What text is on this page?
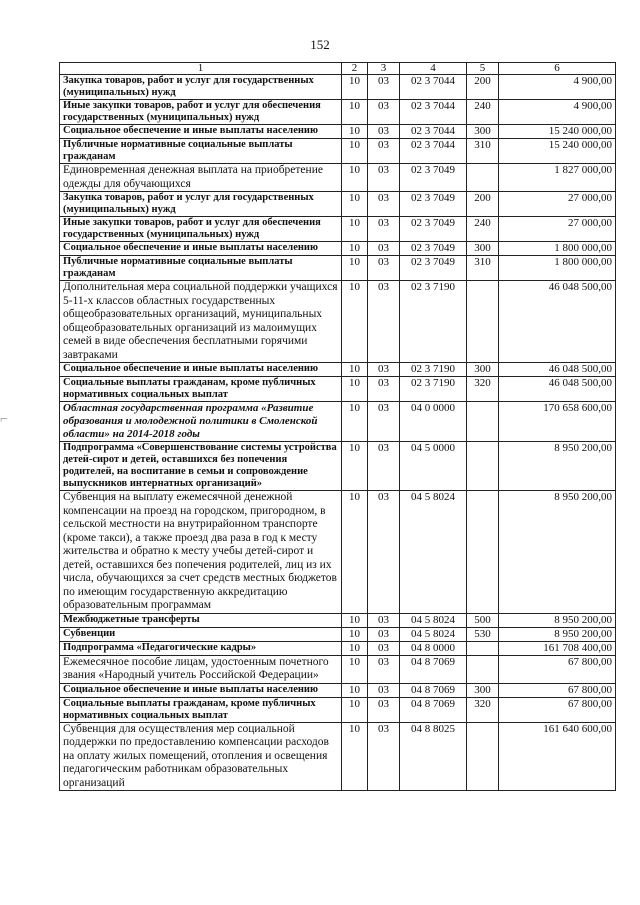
152
⌐
1	2	3	4	5	6
Закупка товаров, работ и услуг для государственных (муниципальных) нужд	10	03	02 3 7044	200	4 900,00
Иные закупки товаров, работ и услуг для обеспечения государственных (муниципальных) нужд	10	03	02 3 7044	240	4 900,00
Социальное обеспечение и иные выплаты населению	10	03	02 3 7044	300	15 240 000,00
Публичные нормативные социальные выплаты гражданам	10	03	02 3 7044	310	15 240 000,00
Единовременная денежная выплата на приобретение одежды для обучающихся	10	03	02 3 7049		1 827 000,00
Закупка товаров, работ и услуг для государственных (муниципальных) нужд	10	03	02 3 7049	200	27 000,00
Иные закупки товаров, работ и услуг для обеспечения государственных (муниципальных) нужд	10	03	02 3 7049	240	27 000,00
Социальное обеспечение и иные выплаты населению	10	03	02 3 7049	300	1 800 000,00
Публичные нормативные социальные выплаты гражданам	10	03	02 3 7049	310	1 800 000,00
Дополнительная мера социальной поддержки учащихся 5-11-х классов областных государственных общеобразовательных организаций, муниципальных общеобразовательных организаций из малоимущих семей в виде обеспечения бесплатными горячими завтраками	10	03	02 3 7190		46 048 500,00
Социальное обеспечение и иные выплаты населению	10	03	02 3 7190	300	46 048 500,00
Социальные выплаты гражданам, кроме публичных нормативных социальных выплат	10	03	02 3 7190	320	46 048 500,00
Областная государственная программа «Развитие образования и молодежной политики в Смоленской области» на 2014-2018 годы	10	03	04 0 0000		170 658 600,00
Подпрограмма «Совершенствование системы устройства детей-сирот и детей, оставшихся без попечения родителей, на воспитание в семьи и сопровождение выпускников интернатных организаций»	10	03	04 5 0000		8 950 200,00
Субвенция на выплату ежемесячной денежной компенсации на проезд на городском, пригородном, в сельской местности на внутрирайонном транспорте (кроме такси), а также проезд два раза в год к месту жительства и обратно к месту учебы детей-сирот и детей, оставшихся без попечения родителей, лиц из их числа, обучающихся за счет средств местных бюджетов по имеющим государственную аккредитацию образовательным программам	10	03	04 5 8024		8 950 200,00
Межбюджетные трансферты	10	03	04 5 8024	500	8 950 200,00
Субвенции	10	03	04 5 8024	530	8 950 200,00
Подпрограмма «Педагогические кадры»	10	03	04 8 0000		161 708 400,00
Ежемесячное пособие лицам, удостоенным почетного звания «Народный учитель Российской Федерации»	10	03	04 8 7069		67 800,00
Социальное обеспечение и иные выплаты населению	10	03	04 8 7069	300	67 800,00
Социальные выплаты гражданам, кроме публичных нормативных социальных выплат	10	03	04 8 7069	320	67 800,00
Субвенция для осуществления мер социальной поддержки по предоставлению компенсации расходов на оплату жилых помещений, отопления и освещения педагогическим работникам образовательных организаций	10	03	04 8 8025		161 640 600,00
